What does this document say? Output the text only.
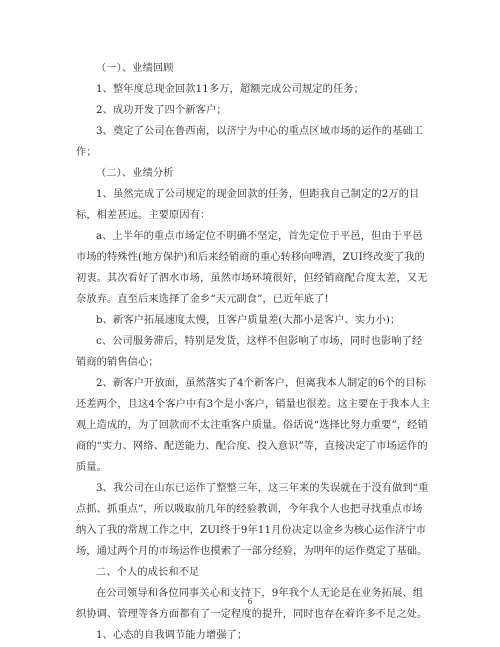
（一）、业绩回顾

1、整年度总现金回款11多万，超额完成公司规定的任务；

2、成功开发了四个新客户；

3、奠定了公司在鲁西南，以济宁为中心的重点区域市场的运作的基础工作；

（二）、业绩分析

1、虽然完成了公司规定的现金回款的任务，但距我自己制定的2万的目标，相差甚远。主要原因有：

a、上半年的重点市场定位不明确不坚定，首先定位于平邑，但由于平邑市场的特殊性(地方保护)和后来经销商的重心转移向啤酒，ZUI终改变了我的初衷。其次看好了泗水市场，虽然市场环境很好，但经销商配合度太差，又无奈放弃。直至后来选择了金乡“天元副食”，已近年底了!

b、新客户拓展速度太慢，且客户质量差(大都小是客户、实力小)；

c、公司服务滞后，特别是发货，这样不但影响了市场，同时也影响了经销商的销售信心；

2、新客户开放面，虽然落实了4个新客户，但离我本人制定的6个的目标还差两个，且这4个客户中有3个是小客户，销量也很差。这主要在于我本人主观上造成的，为了回款而不太注重客户质量。俗话说“选择比努力重要”，经销商的“实力、网络、配送能力、配合度、投入意识”等，直接决定了市场运作的质量。

3、我公司在山东已运作了整整三年，这三年来的失误就在于没有做到“重点抓、抓重点”，所以吸取前几年的经验教训，今年我个人也把寻找重点市场纳入了我的常规工作之中，ZUI终于9年11月份决定以金乡为核心运作济宁市场，通过两个月的市场运作也摸索了一部分经验，为明年的运作奠定了基础。

二、个人的成长和不足

在公司领导和各位同事关心和支持下，9年我个人无论是在业务拓展、组织协调、管理等各方面都有了一定程度的提升，同时也存在着许多不足之处。

1、心态的自我调节能力增强了；

6
